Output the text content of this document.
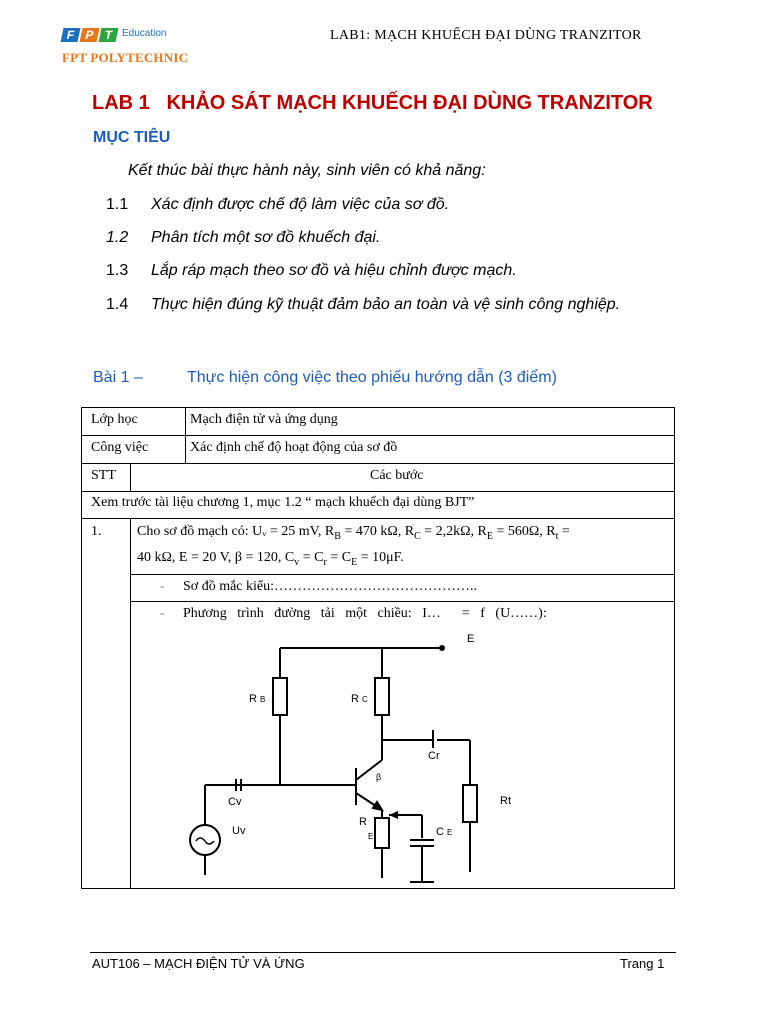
F P T Education
FPT POLYTECHNIC
LAB1: MẠCH KHUẾCH ĐẠI DÙNG TRANZITOR
LAB 1   KHẢO SÁT MẠCH KHUẾCH ĐẠI DÙNG TRANZITOR
MỤC TIÊU
Kết thúc bài thực hành này, sinh viên có khả năng:
1.1 Xác định được chế độ làm việc của sơ đồ.
1.2 Phân tích một sơ đồ khuếch đại.
1.3 Lắp ráp mạch theo sơ đồ và hiệu chỉnh được mạch.
1.4 Thực hiện đúng kỹ thuật đảm bảo an toàn và vệ sinh công nghiệp.
Bài 1 –	Thực hiện công việc theo phiếu hướng dẫn (3 điểm)
Lớp học	Mạch điện tử và ứng dụng
Công việc	Xác định chế độ hoạt động của sơ đồ
STT	Các bước
Xem trước tài liệu chương 1, mục 1.2 “ mạch khuếch đại dùng BJT”
1.	Cho sơ đồ mạch có: Uᵥ = 25 mV, $R_B = 470$ kΩ, $R_C = 2,2k\Omega$, $R_E = 560\Omega$, $R_t$ =
40 kΩ, E = 20 V, β = 120, $C_v = C_r = C_E = 10\mu F$.
- Sơ đồ mắc kiểu:……………………………………..
- Phương   trình   đường   tải   một   chiều:   I…      =   f   (U……):
E
R B	R C
Cr
Rt
β
Cv
Uv
R
E	C E
AUT106 – MẠCH ĐIỆN TỬ VÀ ỨNG	Trang 1
